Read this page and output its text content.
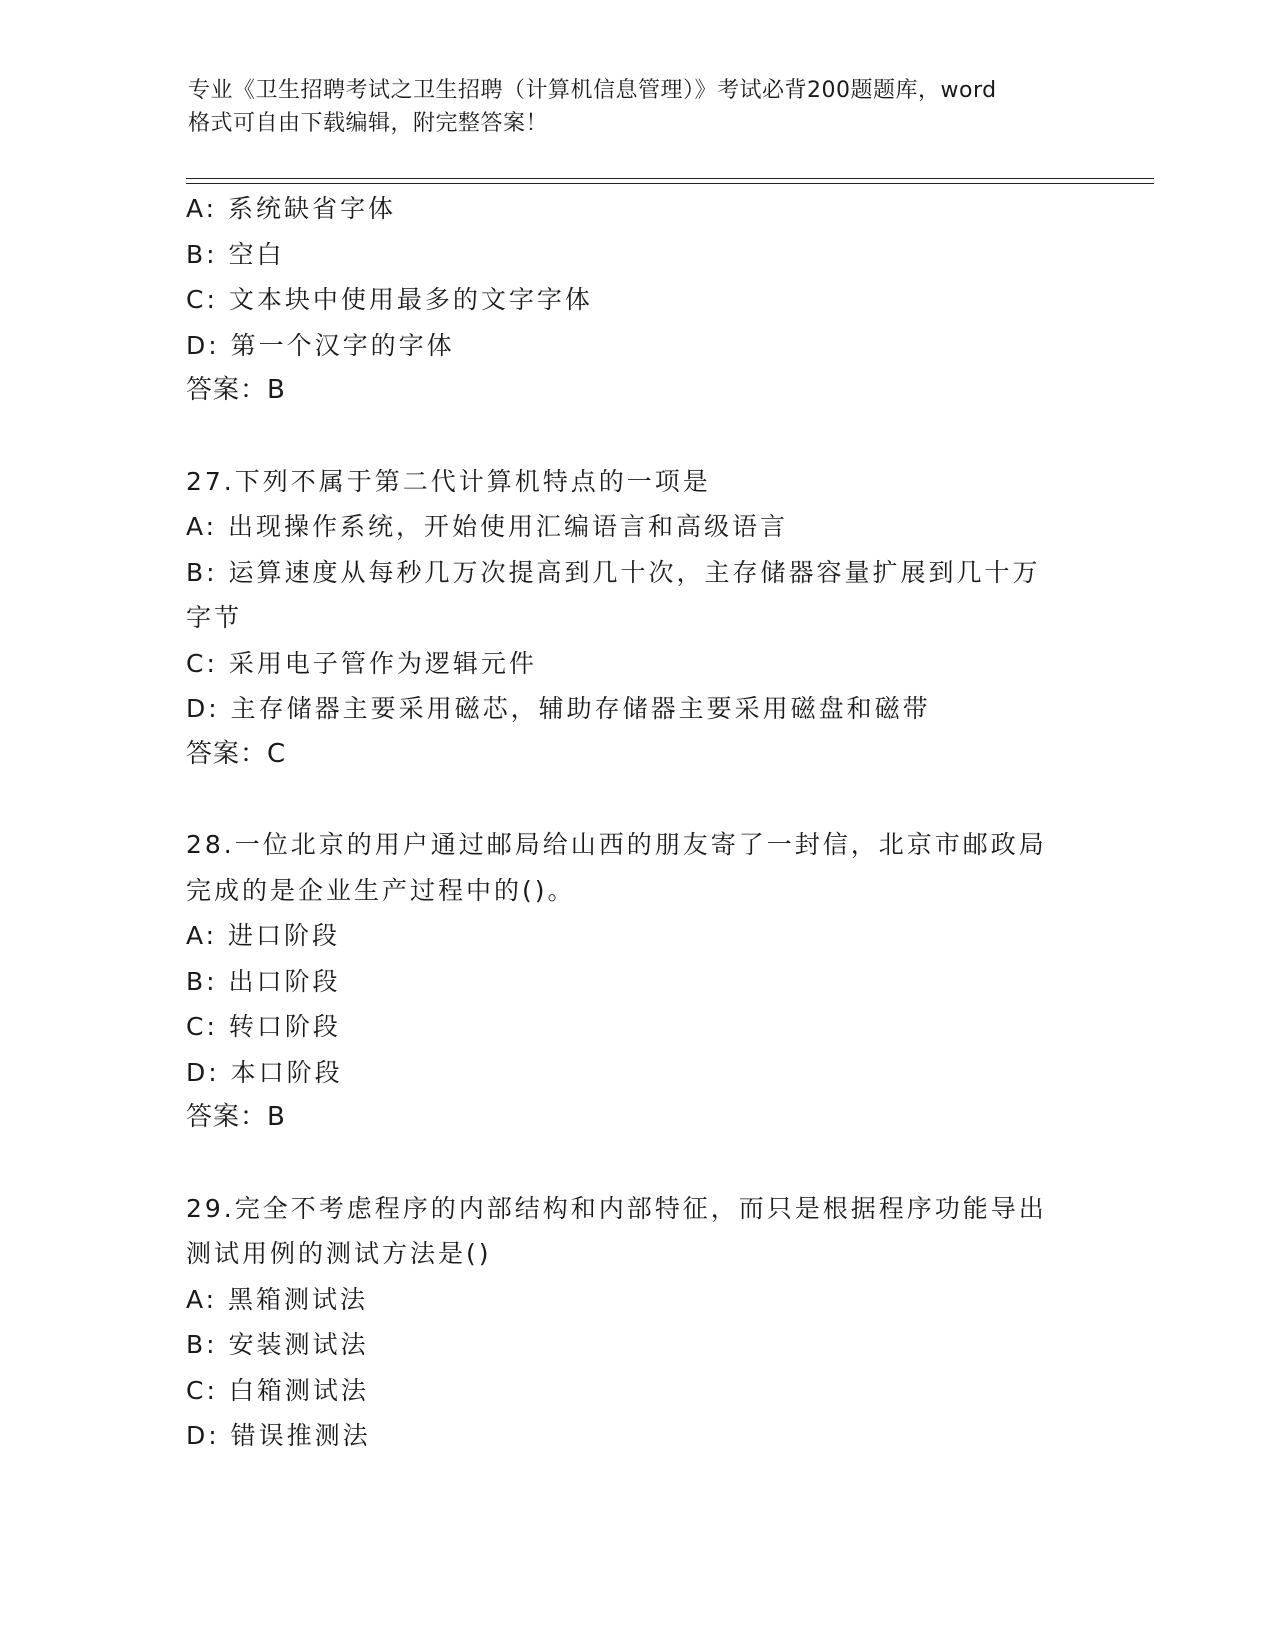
专业《卫生招聘考试之卫生招聘（计算机信息管理）》考试必背200题题库，word
格式可自由下载编辑，附完整答案！
A: 系统缺省字体
B: 空白
C: 文本块中使用最多的文字字体
D: 第一个汉字的字体
答案：B
27.下列不属于第二代计算机特点的一项是
A: 出现操作系统，开始使用汇编语言和高级语言
B: 运算速度从每秒几万次提高到几十次，主存储器容量扩展到几十万
字节
C: 采用电子管作为逻辑元件
D: 主存储器主要采用磁芯，辅助存储器主要采用磁盘和磁带
答案：C
28.一位北京的用户通过邮局给山西的朋友寄了一封信，北京市邮政局
完成的是企业生产过程中的()。
A: 进口阶段
B: 出口阶段
C: 转口阶段
D: 本口阶段
答案：B
29.完全不考虑程序的内部结构和内部特征，而只是根据程序功能导出
测试用例的测试方法是()
A: 黑箱测试法
B: 安装测试法
C: 白箱测试法
D: 错误推测法
